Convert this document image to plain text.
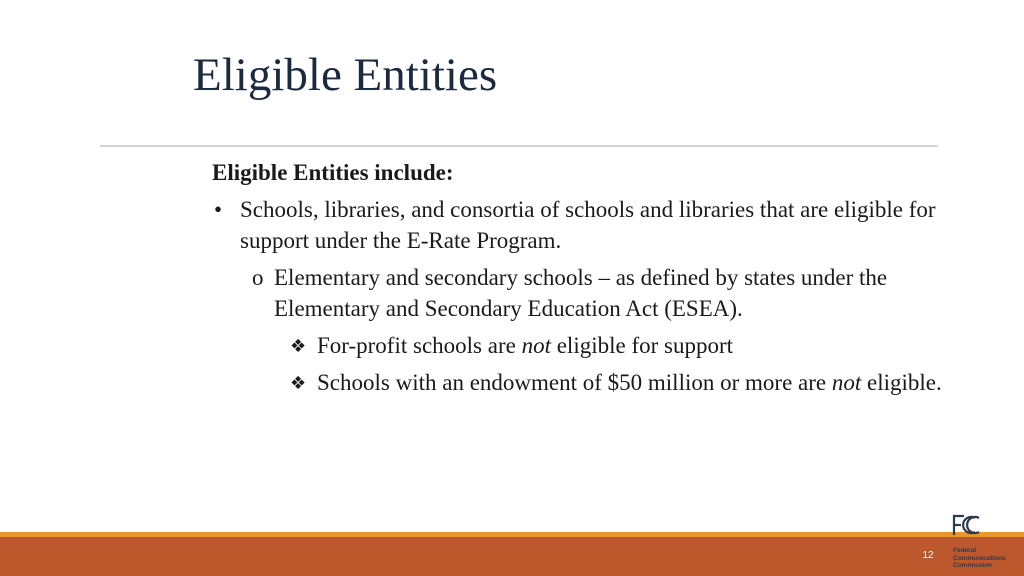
Eligible Entities
Eligible Entities include:
• Schools, libraries, and consortia of schools and libraries that are eligible for support under the E-Rate Program.
o Elementary and secondary schools – as defined by states under the Elementary and Secondary Education Act (ESEA).
❖ For-profit schools are not eligible for support
❖ Schools with an endowment of $50 million or more are not eligible.
12	Federal
Communications
Commission
